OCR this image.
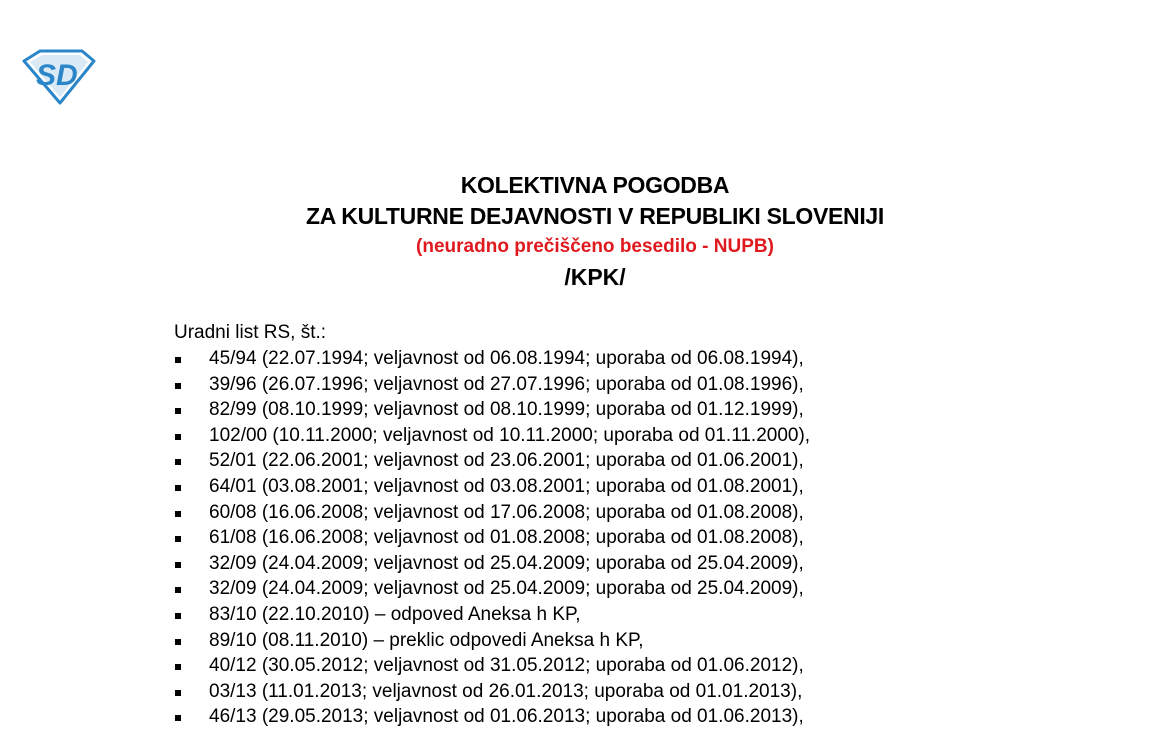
SD
KOLEKTIVNA POGODBA
ZA KULTURNE DEJAVNOSTI V REPUBLIKI SLOVENIJI
(neuradno prečiščeno besedilo - NUPB)
/KPK/
Uradni list RS, št.:
45/94 (22.07.1994; veljavnost od 06.08.1994; uporaba od 06.08.1994),
39/96 (26.07.1996; veljavnost od 27.07.1996; uporaba od 01.08.1996),
82/99 (08.10.1999; veljavnost od 08.10.1999; uporaba od 01.12.1999),
102/00 (10.11.2000; veljavnost od 10.11.2000; uporaba od 01.11.2000),
52/01 (22.06.2001; veljavnost od 23.06.2001; uporaba od 01.06.2001),
64/01 (03.08.2001; veljavnost od 03.08.2001; uporaba od 01.08.2001),
60/08 (16.06.2008; veljavnost od 17.06.2008; uporaba od 01.08.2008),
61/08 (16.06.2008; veljavnost od 01.08.2008; uporaba od 01.08.2008),
32/09 (24.04.2009; veljavnost od 25.04.2009; uporaba od 25.04.2009),
32/09 (24.04.2009; veljavnost od 25.04.2009; uporaba od 25.04.2009),
83/10 (22.10.2010) – odpoved Aneksa h KP,
89/10 (08.11.2010) – preklic odpovedi Aneksa h KP,
40/12 (30.05.2012; veljavnost od 31.05.2012; uporaba od 01.06.2012),
03/13 (11.01.2013; veljavnost od 26.01.2013; uporaba od 01.01.2013),
46/13 (29.05.2013; veljavnost od 01.06.2013; uporaba od 01.06.2013),
